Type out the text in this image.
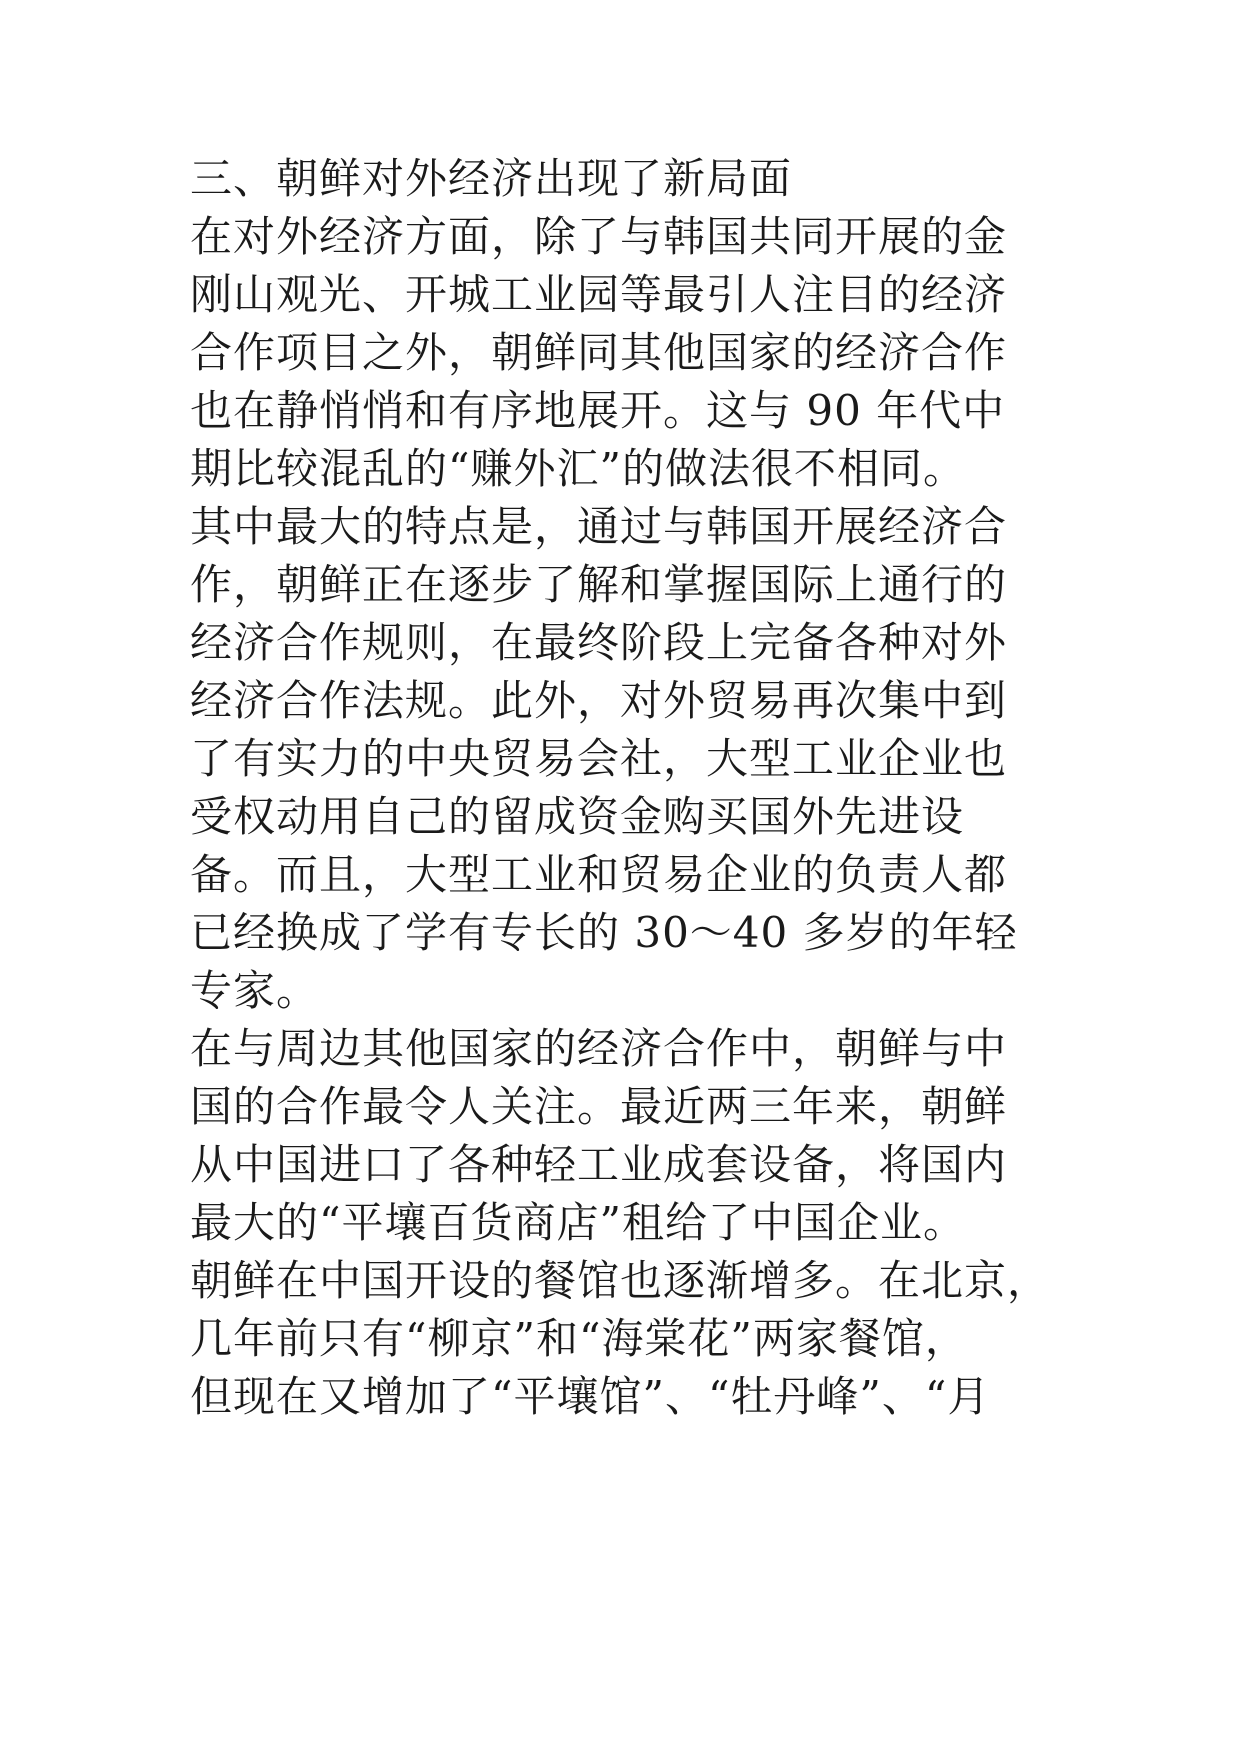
三、朝鲜对外经济出现了新局面
在对外经济方面，除了与韩国共同开展的金
刚山观光、开城工业园等最引人注目的经济
合作项目之外，朝鲜同其他国家的经济合作
也在静悄悄和有序地展开。这与 90 年代中
期比较混乱的“赚外汇”的做法很不相同。
其中最大的特点是，通过与韩国开展经济合
作，朝鲜正在逐步了解和掌握国际上通行的
经济合作规则，在最终阶段上完备各种对外
经济合作法规。此外，对外贸易再次集中到
了有实力的中央贸易会社，大型工业企业也
受权动用自己的留成资金购买国外先进设
备。而且，大型工业和贸易企业的负责人都
已经换成了学有专长的 30～40 多岁的年轻
专家。
在与周边其他国家的经济合作中，朝鲜与中
国的合作最令人关注。最近两三年来，朝鲜
从中国进口了各种轻工业成套设备，将国内
最大的“平壤百货商店”租给了中国企业。
朝鲜在中国开设的餐馆也逐渐增多。在北京，
几年前只有“柳京”和“海棠花”两家餐馆，
但现在又增加了“平壤馆”、“牡丹峰”、“月
